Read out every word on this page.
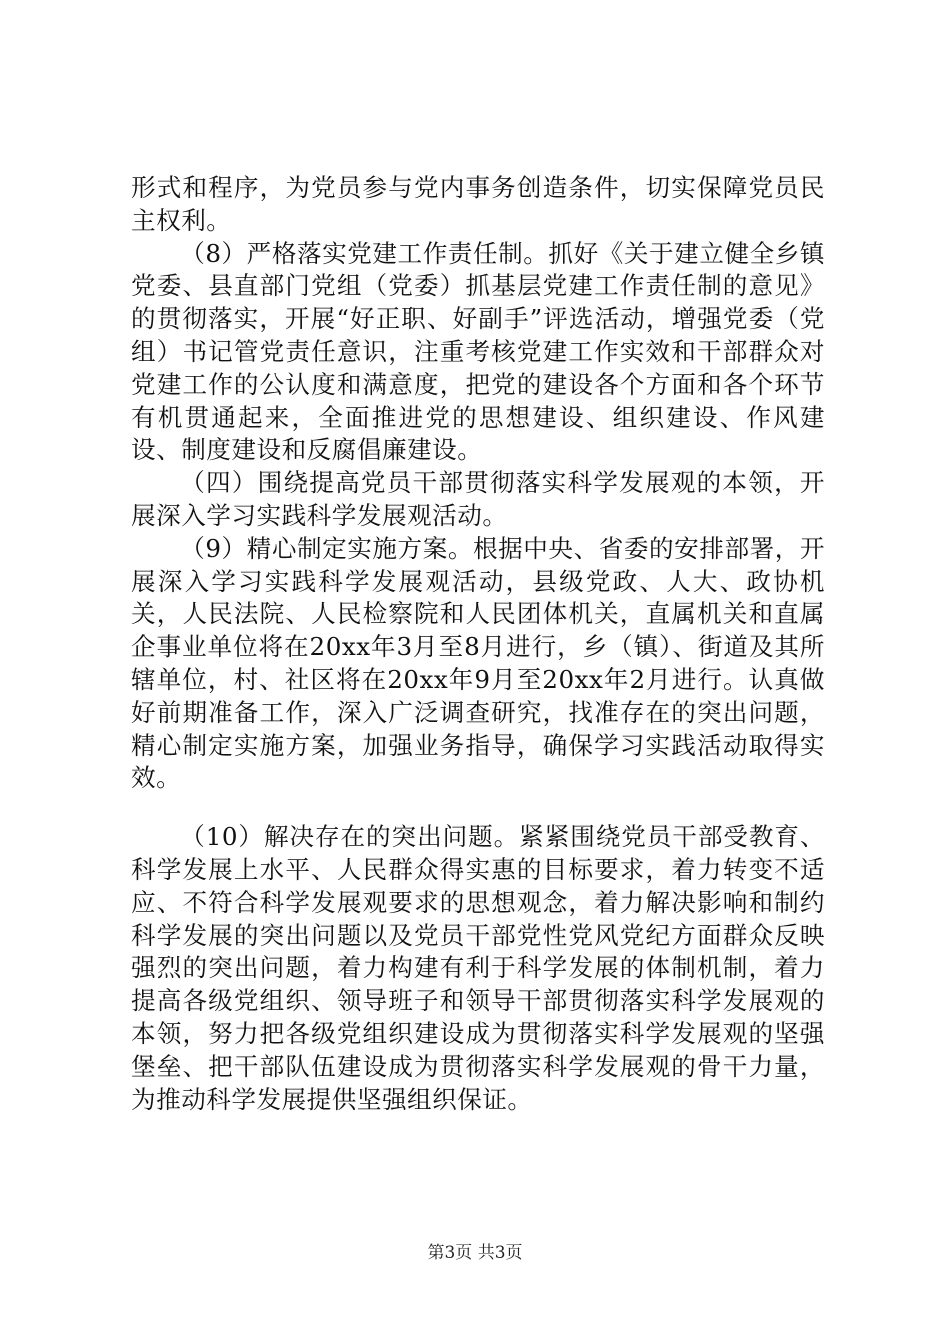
形式和程序，为党员参与党内事务创造条件，切实保障党员民主权利。

（8）严格落实党建工作责任制。抓好《关于建立健全乡镇党委、县直部门党组（党委）抓基层党建工作责任制的意见》的贯彻落实，开展“好正职、好副手”评选活动，增强党委（党组）书记管党责任意识，注重考核党建工作实效和干部群众对党建工作的公认度和满意度，把党的建设各个方面和各个环节有机贯通起来，全面推进党的思想建设、组织建设、作风建设、制度建设和反腐倡廉建设。

（四）围绕提高党员干部贯彻落实科学发展观的本领，开展深入学习实践科学发展观活动。

（9）精心制定实施方案。根据中央、省委的安排部署，开展深入学习实践科学发展观活动，县级党政、人大、政协机关，人民法院、人民检察院和人民团体机关，直属机关和直属企事业单位将在20xx年3月至8月进行，乡（镇）、街道及其所辖单位，村、社区将在20xx年9月至20xx年2月进行。认真做好前期准备工作，深入广泛调查研究，找准存在的突出问题，精心制定实施方案，加强业务指导，确保学习实践活动取得实效。

（10）解决存在的突出问题。紧紧围绕党员干部受教育、科学发展上水平、人民群众得实惠的目标要求，着力转变不适应、不符合科学发展观要求的思想观念，着力解决影响和制约科学发展的突出问题以及党员干部党性党风党纪方面群众反映强烈的突出问题，着力构建有利于科学发展的体制机制，着力提高各级党组织、领导班子和领导干部贯彻落实科学发展观的本领，努力把各级党组织建设成为贯彻落实科学发展观的坚强堡垒、把干部队伍建设成为贯彻落实科学发展观的骨干力量，为推动科学发展提供坚强组织保证。

第3页 共3页
